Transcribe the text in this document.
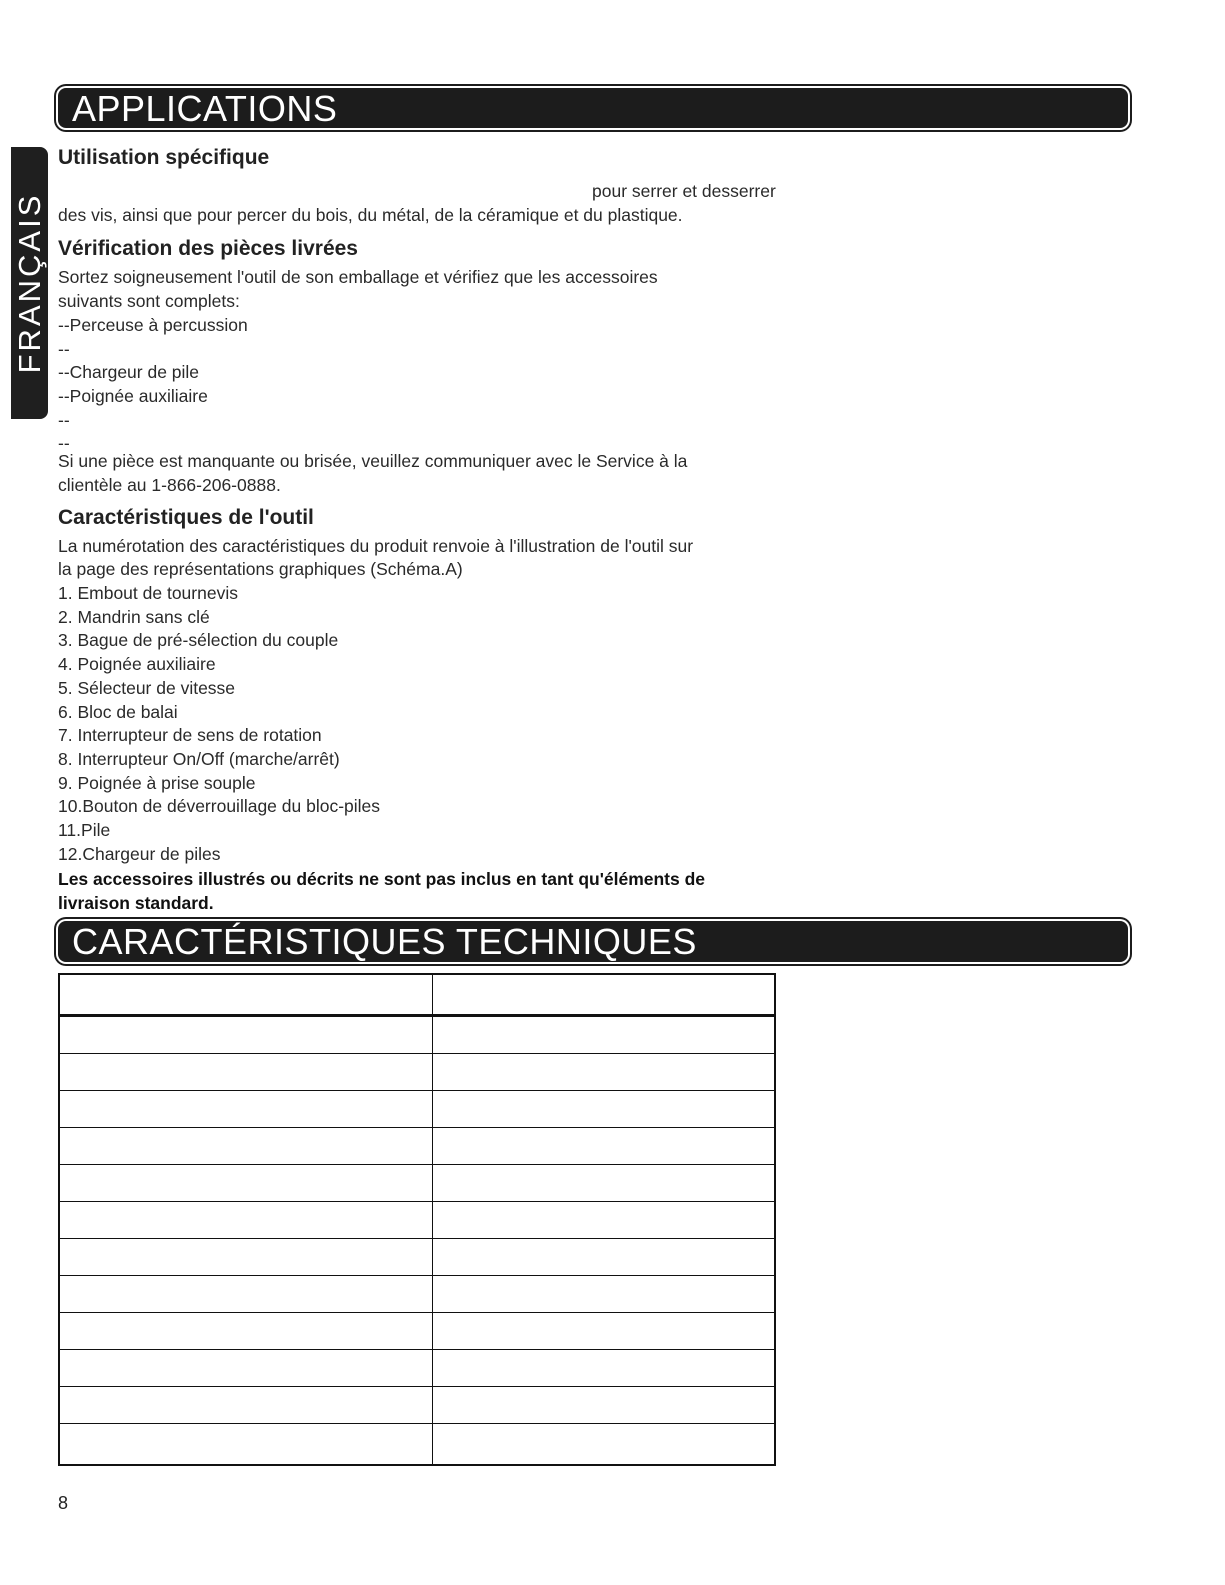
FRANÇAIS
APPLICATIONS
Utilisation spécifique
pour serrer et desserrer
des vis, ainsi que pour percer du bois, du métal, de la céramique et du plastique.
Vérification des pièces livrées
Sortez soigneusement l'outil de son emballage et vérifiez que les accessoires
suivants sont complets:
--Perceuse à percussion
--
--Chargeur de pile
--Poignée auxiliaire
--
--
Si une pièce est manquante ou brisée, veuillez communiquer avec le Service à la
clientèle au 1-866-206-0888.
Caractéristiques de l'outil
La numérotation des caractéristiques du produit renvoie à l'illustration de l'outil sur
la page des représentations graphiques (Schéma.A)
1. Embout de tournevis
2. Mandrin sans clé
3. Bague de pré-sélection du couple
4. Poignée auxiliaire
5. Sélecteur de vitesse
6. Bloc de balai
7. Interrupteur de sens de rotation
8. Interrupteur On/Off (marche/arrêt)
9. Poignée à prise souple
10.Bouton de déverrouillage du bloc-piles
11.Pile
12.Chargeur de piles
Les accessoires illustrés ou décrits ne sont pas inclus en tant qu'éléments de livraison standard.
CARACTÉRISTIQUES TECHNIQUES

8
